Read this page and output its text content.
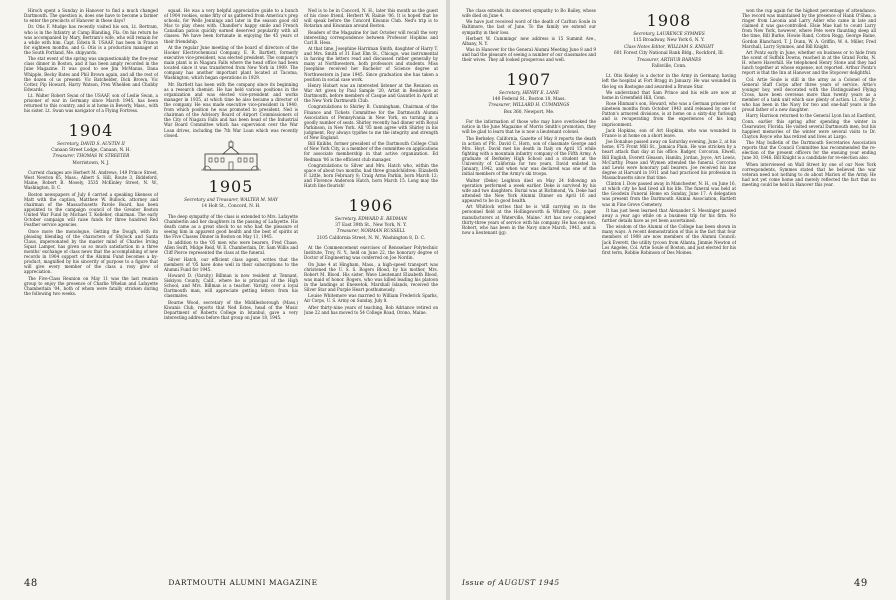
Hirsch spent a Sunday in Hanover to find a much changed Dartmouth. The question is, does one have to become a farmer to enter the precincts of Hanover in these days?

Dr. Otis F. Mudge has recently visited his son, Lt. Bertram, who is in the Infantry at Camp Blanding, Fla. On his return he was accompanied by Mary, Bertram's wife, who will remain for a while with him. Capt. Edwin B. USAAF, has been in France for eighteen months, and G. Otis is a production manager at the South Portland, Me. shipyards.

The stat event of the spring was unquestionably the five-year class dinner in Boston, and it has been amply recorded in the June Magazine. It was good to see Jim McManus, Dana Whipple, Becky Bates and Phil Brown again, and all the rest of the dozen of us present: Vic Batchelder, Dick Brown, Vic Cotter, Pip Howard, Harry Watson, Prex Whelden and Chubby Edwards.

Lt. Walter Robert Swan of the USAAF, son of Leslie Swan, a prisoner of war in Germany since March 1945, has been returned to this country, and is at home in Beverly, Mass., with his sister. Lt. Swan was navigator of a Flying Fortress.

1904

Secretary, DAVID S. AUSTIN II

Canaan Street Lodge, Canaan, N. H.

Treasurer, THOMAS W. STREETER

Morristown, N. J.

Current changes are Herbert M. Andrews, 149 Prince Street, West Newton 65, Mass.; Albert S. Hill, Route 3, Biddeford, Maine; Robert B. Mosely, 3535 McKinley Street, N. W., Washington, D. C.

Boston newspapers of July 6 carried a speaking likeness of Matt with the caption, Matthew W. Bullock, attorney and chairman of the Massachusetts Parole Board, has been appointed to the campaign council of the Greater Boston United War Fund by Michael T. Kelleher, chairman. The early October campaign will raise funds for three hundred Red Feather service agencies.

Once more the monologue, Getting the Dough, with its pleasing blending of the characters of Shylock and Santa Claus, impersonated by the master mind of Charles Irving Squat Lamper, has given us so much satisfaction in a three months' exchange of class news that the accomplishing of new records in 1904 support of the Alumni Fund becomes a by-product, magnified by his sincerity of purpose to a figure that will give every member of the class a rosy glow of appreciation.

The Five-Class Reunion on May 11 was the last reunion group to enjoy the presence of Charlie Whelan and Lafayette Chamberlain '04, both of whom were fatally stricken during the following two weeks.

squad. He was a very helpful appreciative guide to a bunch of 1904 rookies, some fifty of us gathered from America's prep schools, for Wells Jennings and later in the season good old Mac to play chess with. Chandler's happy smile and French Canadian patois quickly earned deserved popularity with all classes. We have been fortunate in enjoying the 45 years of their friendship.

At the regular June meeting of the board of directors of the Hooker Electrochemical Company, E. R. Bartlett, formerly executive vice-president, was elected president. The company's main plant is in Niagara Falls where the head office had been located since it was transferred from New York in 1909. The company has another important plant located at Tacoma, Washington, which began operations in 1929.

Mr. Bartlett has been with the company since its beginning as a research chemist. He has held various positions in the organization and was elected vice-president and works manager in 1935, at which time he also became a director of the company. He was made executive vice-president in 1940, from which position he was promoted to president. Ned is chairman of the Advisory Board of Airport Commissioners of the City of Niagara Falls and has been head of the Industrial War Board Committee which has supervision over the War Loan drives, including the 7th War Loan which was recently closed.

1905

Secretary and Treasurer, WALTER M. MAY

14 Holt St., Concord, N. H.

The deep sympathy of the class is extended to Mrs. Lafayette Chamberlin and her daughters in the passing of Lafayette. His death came as a great shock to us who had the pleasure of seeing him in apparent good health and the best of spirits at the Five Classes Dinner in Boston on May 11, 1945.

In addition to the '05 men who were bearers, Fred Chase, Allen Swift, Midge Reid, W. E. Chamberlain, Dr. Sam Willis and Cliff Pierce represented the class at the funeral.

Silver Hatch, our efficient class agent, writes that the members of '05 have done well in their subscriptions to the Alumni Fund for 1945.

Howard D. (Varsity) Billman is now resident at Tennant, Siskiyou County, Calif., where he is principal of the High School, and Mrs. Billman is a teacher. Varsity, over a loyal Dartmouth man, will appreciate getting letters from his classmates.

Bourne Wood, secretary of the Middlesborough (Mass.) Kiwanis Club, reports that Ned Estes, head of the Music Department of Roberts College in Istanbul, gave a very interesting address before that group on June 18, 1945.

Ned is to be in Concord, N. H., later this month as the guest of his close friend, Herbert W. Rainie '06. It is hoped that he will speak before the Concord Kiwanis Club. Ned's trip is to Rotarian and Kiwanian around Boston.

Readers of the Magazine for last October will recall the very interesting correspondence between Professor Hopkins and Carl B. Hess.

At that time, Josephine Harriman Smith, daughter of Harry T. and Mrs. Smith of 31 East Elm St., Chicago, was instrumental in having the letters read and discussed rather generally by many at Northwestern, both professors and students. Miss Josephine received her Bachelor of Science degree at Northwestern in June 1945. Since graduation she has taken a position in social case work.

Henry Hobart was an interested listener at the Reunion on War Art given by Paul Sample '20, Artist in Residence at Dartmouth, before members of Casque and Gauntlet in April at the New York Dartmouth Club.

Congratulations to Shirley B. Cunningham, Chairman of the Finance and Tickets Committee for the Dartmouth Alumni Association of Pennsylvania in New York, on turning in a goodly number of seats. Shirley recently had dinner with Royal Parkinson, in New York. All '05 men agree with Shirley in his judgment, Roy always typifies to me the integrity and strength of New England.

Bill Knibbs, former president of the Dartmouth College Club of New York City, is a member of the committee on applications for associate membership in that active organization. Ed Redman '06 is the efficient club manager.

Congratulations to Silver and Mrs. Hatch who, within the space of about two months, had three grandchildren: Elizabeth F. Little, born February 8; Craig Arms Parkin, born March 12; and Florence Anderson Hatch, born March 15. Long may the Hatch line flourish!

1906

Secretary, EDWARD E. REDMAN

37 East 39th St., New York, N. Y.

Treasurer, NORMAN RUSSELL

2105 California Street, N. W., Washington 8, D. C.

At the Commencement exercises of Rensselaer Polytechnic Institute, Troy, N. Y., held on June 22, the honorary degree of Doctor of Engineering was conferred on Joe Nordin.

On June 4 at Hingham, Mass., a high-speed transport was christened the U. S. S. Rogers Blood, by his mother, Mrs. Robert M. Blood. His sister, Wave Lieutenant Elizabeth Blood, was maid of honor. Rogers, who was killed leading his platoon in the landings at Enewetok, Marshall Islands, received the Silver Star and Purple Heart posthumously.

Louise Whitemore was married to William Frederick Sparks, Air Corps, U. S. Army on Sunday, July 8.

After thirty-nine years of teaching, Bob Adriance retired on June 22 and has moved to 54 College Road, Orono, Maine.

The class extends its sincerest sympathy to Bo Bailey, whose wife died on June 4.

We have just received word of the death of Carlton Soule in Baltimore, the last of June. To the family we extend our sympathy in their loss.

Herbert W. Cummings' new address is 15 Summit Ave., Albany, N. Y.

Was in Hanover for the General Alumni Meeting June 8 and 9 and had the pleasure of seeing a number of our classmates and their wives. They all looked prosperous and well.

1907

Secretary, HENRY E. LANE

140 Federal St., Boston 10, Mass.

Treasurer, WILLARD H. CUMMINGS

Box 360, Newport, Me.

For the information of those who may have overlooked the notice in the June Magazine of Morris Smith's promotion, they will be glad to learn that he is now a lieutenant colonel.

The Berkeley, California, Gazette of May 8 reports the death in action of Pfc. David C. Horn, son of classmate George and Mrs. Hoyt. David met his death in Italy on April 15 while fighting with a mountain infantry company of the Fifth Army. A graduate of Berkeley High School and a student at the University of California for two years, David enlisted in January, 1942, and when war was declared was one of the initial members of the Army's ski troops.

Walter (Deke) Leighton died on May 24 following an operation performed a week earlier. Deke is survived by his wife and two daughters. Burial was at Richmond, Va. Deke had attended the New York Alumni Dinner on April 16 and appeared to be in good health.

Art Whitlock writes that he is 'still carrying on in the personnel field at the Hollingsworth & Whitney Co., paper manufacturers at Waterville, Maine.' Art has now completed thirty-three years of service with his company. He has one son, Robert, who has been in the Navy since March, 1943, and is now a lieutenant (jg).

1908

Secretary, LAURENCE SYMMES

115 Broadway, New York 6, N. Y.

Class Notes Editor, WILLIAM S. KNIGHT

601 Forest City National Bank Bldg., Rockford, Ill.

Treasurer, ARTHUR BARNES

Fallsville, Conn.

Lt. Otis Kealey is a doctor in the Army in Germany, having left the hospital at Fort Bragg in January. He was wounded in the leg on Bastogne and awarded a Bronze Star.

We understand that Sam Prince and his wife are now at home in Greenfield Hill, Conn.

Rose Hinman's son, Howard, who was a German prisoner for nineteen months from October 1943 until released by one of Patton's armored divisions, is at home on a sixty-day furlough and is recuperating from the experiences of his long imprisonment.

Jack Hopkins, son of Art Hopkins, who was wounded in France is at home on a short leave.

Joe Donahue passed away on Saturday evening, June 2, at his home, 675 Front Mill St., Jamaica Plain. He was stricken by a heart attack that day at his office. Badger, Corcoran, Elwell, Bill English, Everett Gleason, Hamlin, Jordan, Joyce, Art Lewis, McCarthy, Pease and Wymen attended the funeral. Corcoran and Lewis were honorary pall bearers. Joe received his law degree at Harvard in 1911 and had practiced his profession in Massachusetts since that time.

Clinton I. Dow passed away in Manchester, N. H., on June 16, at which city he had lived all his life. The funeral was held at the Goodwin Funeral Home on Sunday, June 17. A delegation was present from the Dartmouth Alumni Association, Bartlett was in Fine Grove Cemetery.

It has just been learned that Alexander S. Messinger passed away a year ago while on a business trip for his firm. No further details have as yet been ascertained.

The wisdom of the Alumni of the College has been shown in many ways. A recent demonstration of this is the fact that four members of 1908 are now members of the Alumni Council: Jack Everett, the utility tycoon from Atlanta, Jimmie Newton of Los Angeles, Col. Artie Soule of Boston, and just elected for his first term, Robbie Robinson of Des Moines.

won the cup again for the highest percentage of attendance. The record was maintained by the presence of Hank O'Shea, a ringer from Laconia and Larry Adler who came in late and claimed it was gas-controlled. Elsie Mae had to count Larry from New York, however, where Pete were flaunting sleep all the time, Bill Burke, Howie Rand, Cotton Rogg, George Baine, Gordon Blanchard, T. J. Dunn, W. A. Griffin, W. A. Miller, Fred Marchall, Larry Symmes, and Bill Knight.

Art Pontz early in June, whether on business or to hide from the scent of Suffolk Downs, reached in at the Grand Forks, N. H. where Haverhill. He telephoned Henry Stone and they had lunch together at whose expense, not reported. Arthur Pontz's report is that the Inn at Hanover and the Stopover delightful.

Col. Artie Soule is still in the army as a Colonel of the General Staff Corps after three years of service. Artie's younger boy, well decorated with the Distinguished Flying Cross, have been overseas more than twenty years as a member of a tank unit which saw plenty of action. Lt. Artie Jr. who has been in the Navy for two and one-half years is the proud father of a new daughter.

Harry Harrison returned to the General Lyon Inn at Eastford, Conn. earlier this spring after spending the winter in Clearwater, Florida. He visited several Dartmouth men, but his happiest memories of the winter were several visits to Dr. Clayton Royce who has retired and lives at Largo.

The May bulletin of the Dartmouth Secretaries Association reports that the Council Committee has recommended the re-election of the present officers for the ensuing year ending June 30, 1946. Bill Knight is a candidate for re-election also.

When interviewed on Wall Street by one of our New York correspondents, Symmes stated that he believed the war veteran need not nothing to do about Marion of the Army. He had not yet come home and merely reflected the fact that no meeting could be held in Hanover this year.

48	DARTMOUTH ALUMNI MAGAZINE	Issue of AUGUST 1945	49
